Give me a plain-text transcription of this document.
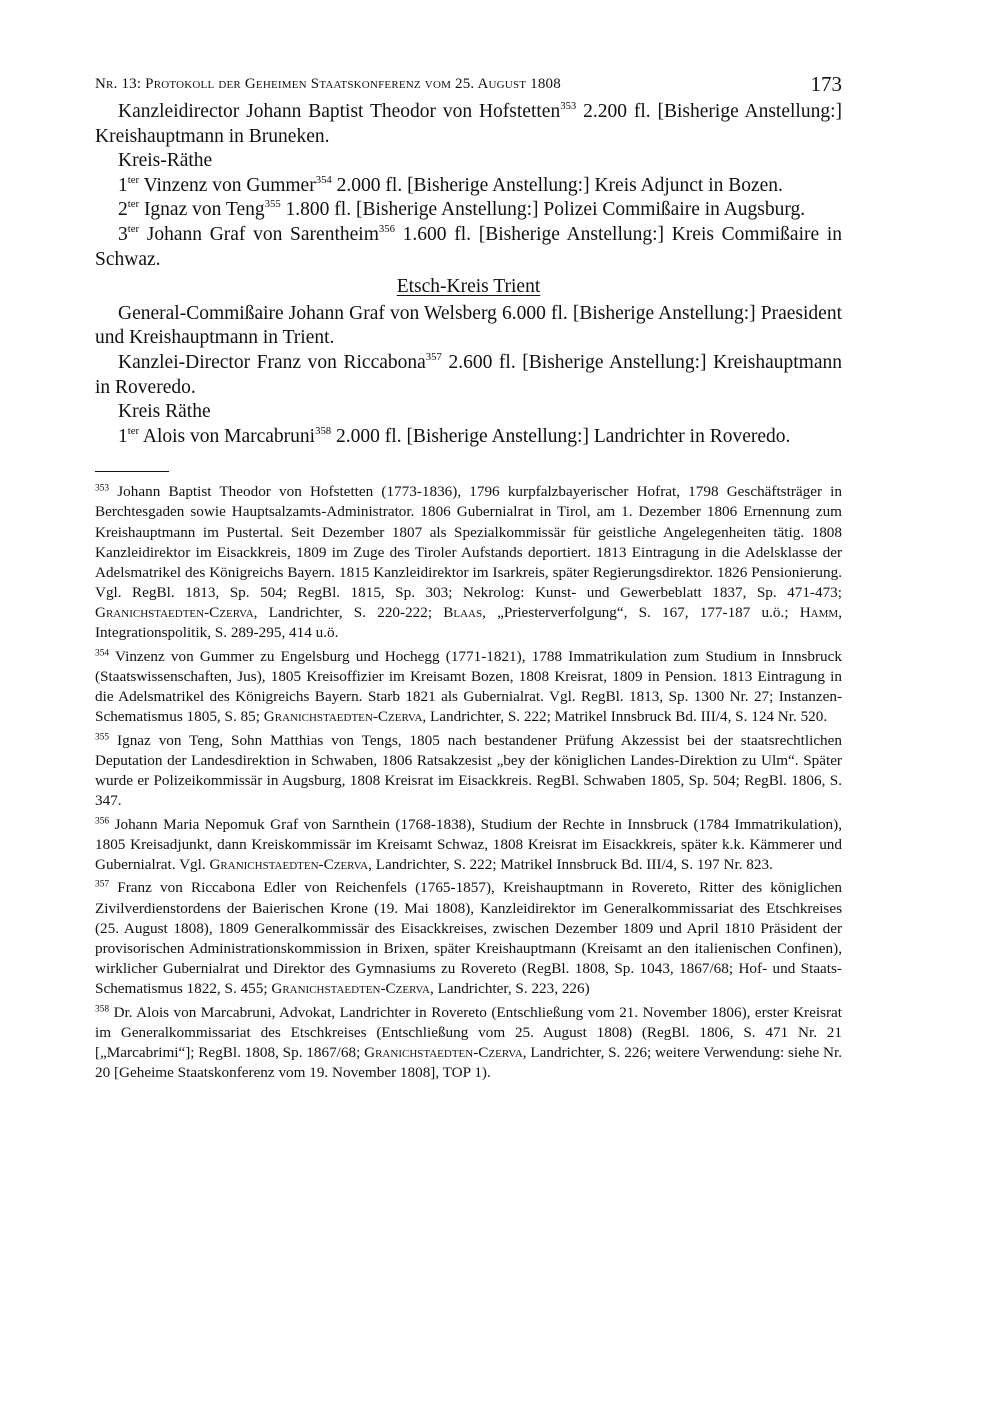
Nr. 13: Protokoll der Geheimen Staatskonferenz vom 25. August 1808	173

Kanzleidirector Johann Baptist Theodor von Hofstetten$^{353}$ 2.200 fl. [Bisherige Anstellung:] Kreishauptmann in Bruneken.

Kreis-Räthe

$1^{ter}$ Vinzenz von Gummer$^{354}$ 2.000 fl. [Bisherige Anstellung:] Kreis Adjunct in Bozen.

$2^{ter}$ Ignaz von Teng$^{355}$ 1.800 fl. [Bisherige Anstellung:] Polizei Commißaire in Augsburg.

$3^{ter}$ Johann Graf von Sarentheim$^{356}$ 1.600 fl. [Bisherige Anstellung:] Kreis Commißaire in Schwaz.

Etsch-Kreis Trient

General-Commißaire Johann Graf von Welsberg 6.000 fl. [Bisherige Anstellung:] Praesident und Kreishauptmann in Trient.

Kanzlei-Director Franz von Riccabona$^{357}$ 2.600 fl. [Bisherige Anstellung:] Kreishauptmann in Roveredo.

Kreis Räthe

$1^{ter}$ Alois von Marcabruni$^{358}$ 2.000 fl. [Bisherige Anstellung:] Landrichter in Roveredo.

$^{353}$ Johann Baptist Theodor von Hofstetten (1773-1836), 1796 kurpfalzbayerischer Hofrat, 1798 Geschäftsträger in Berchtesgaden sowie Hauptsalzamts-Administrator. 1806 Gubernialrat in Tirol, am 1. Dezember 1806 Ernennung zum Kreishauptmann im Pustertal. Seit Dezember 1807 als Spezialkommissär für geistliche Angelegenheiten tätig. 1808 Kanzleidirektor im Eisackkreis, 1809 im Zuge des Tiroler Aufstands deportiert. 1813 Eintragung in die Adelsklasse der Adelsmatrikel des Königreichs Bayern. 1815 Kanzleidirektor im Isarkreis, später Regierungsdirektor. 1826 Pensionierung. Vgl. RegBl. 1813, Sp. 504; RegBl. 1815, Sp. 303; Nekrolog: Kunst- und Gewerbeblatt 1837, Sp. 471-473; Granichstaedten-Czerva, Landrichter, S. 220-222; Blaas, „Priesterverfolgung“, S. 167, 177-187 u.ö.; Hamm, Integrationspolitik, S. 289-295, 414 u.ö.

$^{354}$ Vinzenz von Gummer zu Engelsburg und Hochegg (1771-1821), 1788 Immatrikulation zum Studium in Innsbruck (Staatswissenschaften, Jus), 1805 Kreisoffizier im Kreisamt Bozen, 1808 Kreisrat, 1809 in Pension. 1813 Eintragung in die Adelsmatrikel des Königreichs Bayern. Starb 1821 als Gubernialrat. Vgl. RegBl. 1813, Sp. 1300 Nr. 27; Instanzen-Schematismus 1805, S. 85; Granichstaedten-Czerva, Landrichter, S. 222; Matrikel Innsbruck Bd. III/4, S. 124 Nr. 520.

$^{355}$ Ignaz von Teng, Sohn Matthias von Tengs, 1805 nach bestandener Prüfung Akzessist bei der staatsrechtlichen Deputation der Landesdirektion in Schwaben, 1806 Ratsakzesist „bey der königlichen Landes-Direktion zu Ulm“. Später wurde er Polizeikommissär in Augsburg, 1808 Kreisrat im Eisackkreis. RegBl. Schwaben 1805, Sp. 504; RegBl. 1806, S. 347.

$^{356}$ Johann Maria Nepomuk Graf von Sarnthein (1768-1838), Studium der Rechte in Innsbruck (1784 Immatrikulation), 1805 Kreisadjunkt, dann Kreiskommissär im Kreisamt Schwaz, 1808 Kreisrat im Eisackkreis, später k.k. Kämmerer und Gubernialrat. Vgl. Granichstaedten-Czerva, Landrichter, S. 222; Matrikel Innsbruck Bd. III/4, S. 197 Nr. 823.

$^{357}$ Franz von Riccabona Edler von Reichenfels (1765-1857), Kreishauptmann in Rovereto, Ritter des königlichen Zivilverdienstordens der Baierischen Krone (19. Mai 1808), Kanzleidirektor im Generalkommissariat des Etschkreises (25. August 1808), 1809 Generalkommissär des Eisackkreises, zwischen Dezember 1809 und April 1810 Präsident der provisorischen Administrationskommission in Brixen, später Kreishauptmann (Kreisamt an den italienischen Confinen), wirklicher Gubernialrat und Direktor des Gymnasiums zu Rovereto (RegBl. 1808, Sp. 1043, 1867/68; Hof- und Staats-Schematismus 1822, S. 455; Granichstaedten-Czerva, Landrichter, S. 223, 226)

$^{358}$ Dr. Alois von Marcabruni, Advokat, Landrichter in Rovereto (Entschließung vom 21. November 1806), erster Kreisrat im Generalkommissariat des Etschkreises (Entschließung vom 25. August 1808) (RegBl. 1806, S. 471 Nr. 21 [„Marcabrimi“]; RegBl. 1808, Sp. 1867/68; Granichstaedten-Czerva, Landrichter, S. 226; weitere Verwendung: siehe Nr. 20 [Geheime Staatskonferenz vom 19. November 1808], TOP 1).
